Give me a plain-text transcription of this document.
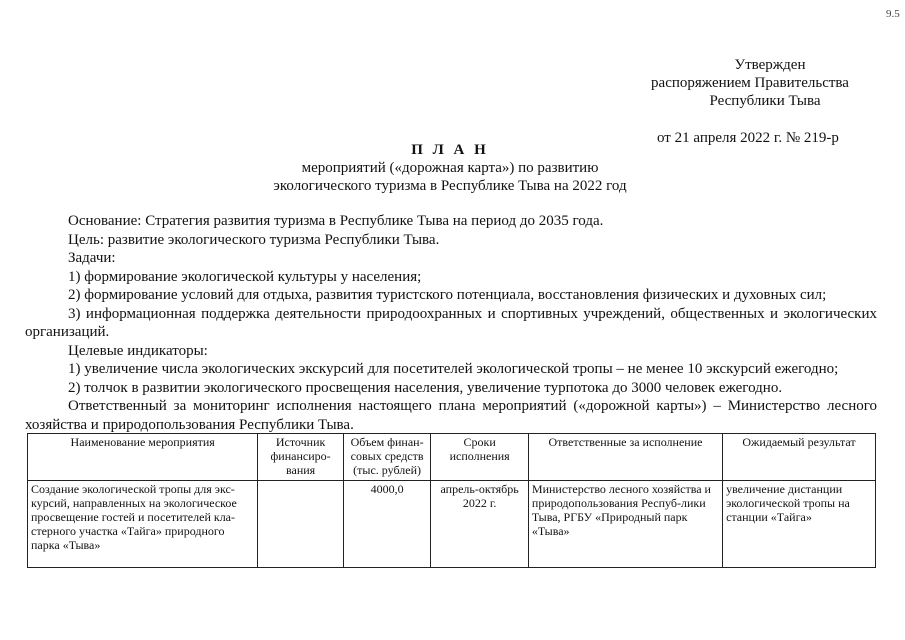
9.5
Утвержден
распоряжением Правительства
Республики Тыва
от 21 апреля 2022 г. № 219-р
П Л А Н
мероприятий («дорожная карта») по развитию
экологического туризма в Республике Тыва на 2022 год

Основание: Стратегия развития туризма в Республике Тыва на период до 2035 года.

Цель: развитие экологического туризма Республики Тыва.

Задачи:

1) формирование экологической культуры у населения;

2) формирование условий для отдыха, развития туристского потенциала, восстановления физических и духовных сил;

3) информационная поддержка деятельности природоохранных и спортивных учреждений, общественных и экологических организаций.

Целевые индикаторы:

1) увеличение числа экологических экскурсий для посетителей экологической тропы – не менее 10 экскурсий ежегодно;

2) толчок в развитии экологического просвещения населения, увеличение турпотока до 3000 человек ежегодно.

Ответственный за мониторинг исполнения настоящего плана мероприятий («дорожной карты») – Министерство лесного хозяйства и природопользования Республики Тыва.

Наименование мероприятия	Источник финансиро-вания	Объем финан-совых средств (тыс. рублей)	Сроки исполнения	Ответственные за исполнение	Ожидаемый результат
Создание экологической тропы для экс-курсий, направленных на экологическое просвещение гостей и посетителей кла-стерного участка «Тайга» природного парка «Тыва»		4000,0	апрель-октябрь 2022 г.	Министерство лесного хозяйства и природопользования Респуб-лики Тыва, РГБУ «Природный парк «Тыва»	увеличение дистанции экологической тропы на станции «Тайга»
